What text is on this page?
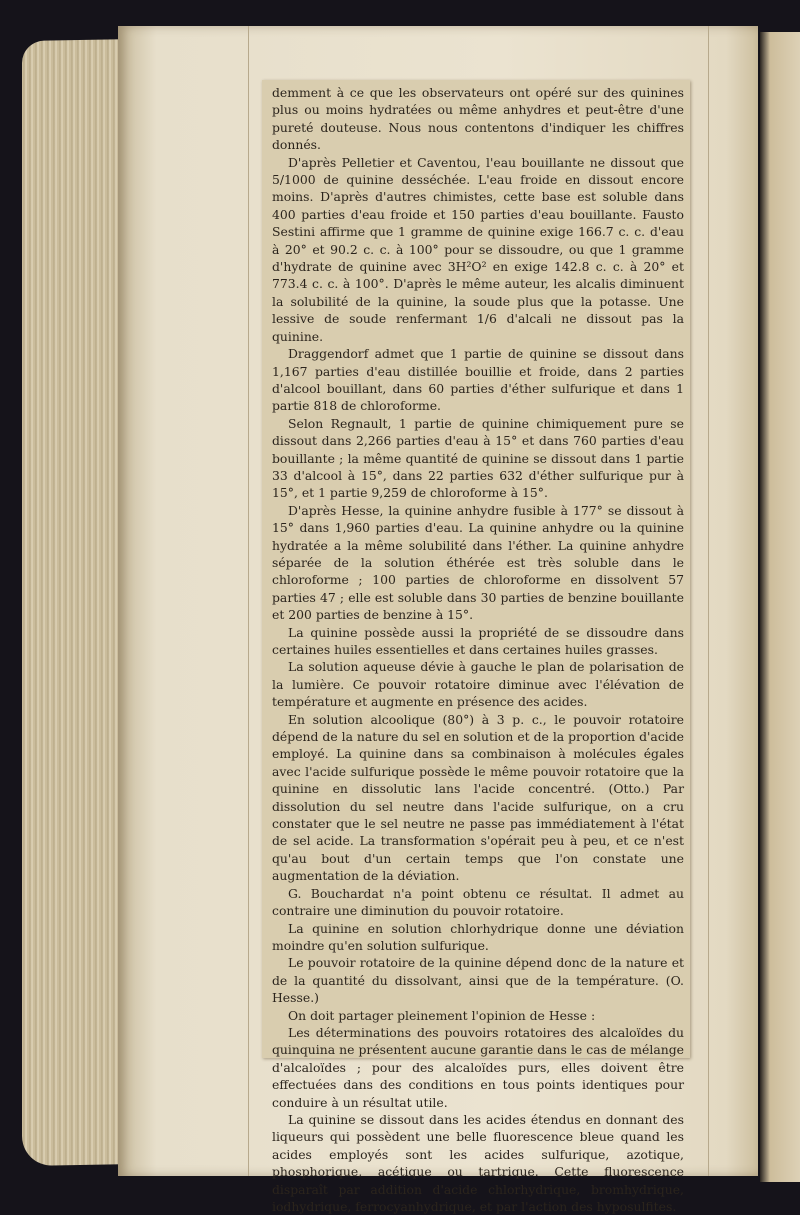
demment à ce que les observateurs ont opéré sur des quinines plus ou moins hydratées ou même anhydres et peut-être d'une pureté douteuse. Nous nous contentons d'indiquer les chiffres donnés.

D'après Pelletier et Caventou, l'eau bouillante ne dissout que 5/1000 de quinine desséchée. L'eau froide en dissout encore moins. D'après d'autres chimistes, cette base est soluble dans 400 parties d'eau froide et 150 parties d'eau bouillante. Fausto Sestini affirme que 1 gramme de quinine exige 166.7 c. c. d'eau à 20° et 90.2 c. c. à 100° pour se dissoudre, ou que 1 gramme d'hydrate de quinine avec 3H²O² en exige 142.8 c. c. à 20° et 773.4 c. c. à 100°. D'après le même auteur, les alcalis diminuent la solubilité de la quinine, la soude plus que la potasse. Une lessive de soude renfermant 1/6 d'alcali ne dissout pas la quinine.

Draggendorf admet que 1 partie de quinine se dissout dans 1,167 parties d'eau distillée bouillie et froide, dans 2 parties d'alcool bouillant, dans 60 parties d'éther sulfurique et dans 1 partie 818 de chloroforme.

Selon Regnault, 1 partie de quinine chimiquement pure se dissout dans 2,266 parties d'eau à 15° et dans 760 parties d'eau bouillante ; la même quantité de quinine se dissout dans 1 partie 33 d'alcool à 15°, dans 22 parties 632 d'éther sulfurique pur à 15°, et 1 partie 9,259 de chloroforme à 15°.

D'après Hesse, la quinine anhydre fusible à 177° se dissout à 15° dans 1,960 parties d'eau. La quinine anhydre ou la quinine hydratée a la même solubilité dans l'éther. La quinine anhydre séparée de la solution éthérée est très soluble dans le chloroforme ; 100 parties de chloroforme en dissolvent 57 parties 47 ; elle est soluble dans 30 parties de benzine bouillante et 200 parties de benzine à 15°.

La quinine possède aussi la propriété de se dissoudre dans certaines huiles essentielles et dans certaines huiles grasses.

La solution aqueuse dévie à gauche le plan de polarisation de la lumière. Ce pouvoir rotatoire diminue avec l'élévation de température et augmente en présence des acides.

En solution alcoolique (80°) à 3 p. c., le pouvoir rotatoire dépend de la nature du sel en solution et de la proportion d'acide employé. La quinine dans sa combinaison à molécules égales avec l'acide sulfurique possède le même pouvoir rotatoire que la quinine en dissolutic lans l'acide concentré. (Otto.) Par dissolution du sel neutre dans l'acide sulfurique, on a cru constater que le sel neutre ne passe pas immédiatement à l'état de sel acide. La transformation s'opérait peu à peu, et ce n'est qu'au bout d'un certain temps que l'on constate une augmentation de la déviation.

G. Bouchardat n'a point obtenu ce résultat. Il admet au contraire une diminution du pouvoir rotatoire.

La quinine en solution chlorhydrique donne une déviation moindre qu'en solution sulfurique.

Le pouvoir rotatoire de la quinine dépend donc de la nature et de la quantité du dissolvant, ainsi que de la température. (O. Hesse.)

On doit partager pleinement l'opinion de Hesse :

Les déterminations des pouvoirs rotatoires des alcaloïdes du quinquina ne présentent aucune garantie dans le cas de mélange d'alcaloïdes ; pour des alcaloïdes purs, elles doivent être effectuées dans des conditions en tous points identiques pour conduire à un résultat utile.

La quinine se dissout dans les acides étendus en donnant des liqueurs qui possèdent une belle fluorescence bleue quand les acides employés sont les acides sulfurique, azotique, phosphorique, acétique ou tartrique. Cette fluorescence disparaît par addition d'acide chlorhydrique, bromhydrique, iodhydrique, ferrocyanhydrique, et par l'action des hyposulfites.
